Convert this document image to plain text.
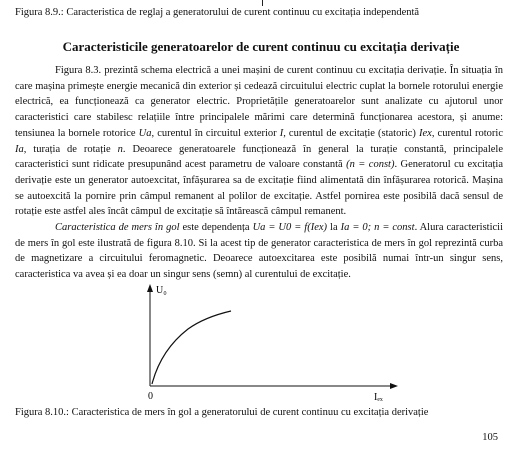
Figura 8.9.: Caracteristica de reglaj a generatorului de curent continuu cu excitația independentă
Caracteristicile generatoarelor de curent continuu cu excitația derivație

Figura 8.3. prezintă schema electrică a unei mașini de curent continuu cu excitația derivație. În situația în care mașina primește energie mecanică din exterior și cedează circuitului electric cuplat la bornele rotorului energie electrică, ea funcționează ca generator electric. Proprietățile generatoarelor sunt analizate cu ajutorul unor caracteristici care stabilesc relațiile între principalele mărimi care determină funcționarea acestora, și anume: tensiunea la bornele rotorice Ua, curentul în circuitul exterior I, curentul de excitație (statoric) Iex, curentul rotoric Ia, turația de rotație n. Deoarece generatoarele funcționează în general la turație constantă, principalele caracteristici sunt ridicate presupunând acest parametru de valoare constantă (n = const). Generatorul cu excitația derivație este un generator autoexcitat, înfășurarea sa de excitație fiind alimentată din înfășurarea rotorică. Mașina se autoexcită la pornire prin câmpul remanent al polilor de excitație. Astfel pornirea este posibilă dacă sensul de rotație este astfel ales încât câmpul de excitație să întărească câmpul remanent.

Caracteristica de mers în gol este dependența Ua = U0 = f(Iex) la Ia = 0; n = const. Alura caracteristicii de mers în gol este ilustrată de figura 8.10. Si la acest tip de generator caracteristica de mers în gol reprezintă curba de magnetizare a circuitului feromagnetic. Deoarece autoexcitarea este posibilă numai într-un singur sens, caracteristica va avea și ea doar un singur sens (semn) al curentului de excitație.

U₀
Iₑₓ
0
Figura 8.10.: Caracteristica de mers în gol a generatorului de curent continuu cu excitația derivație
105
